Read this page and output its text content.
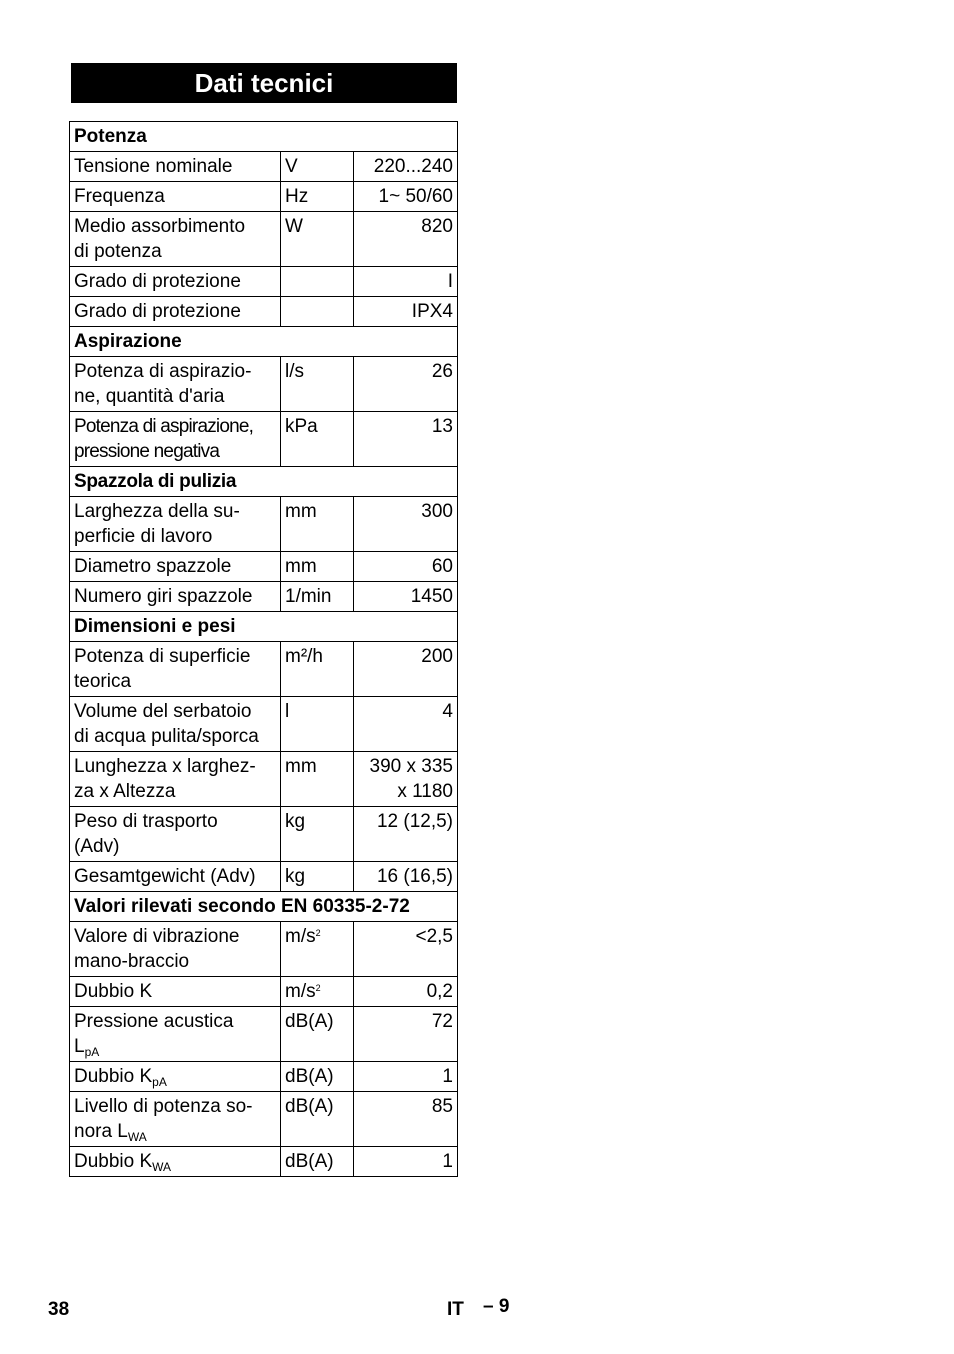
Dati tecnici
Potenza		
Tensione nominale	V	220...240
Frequenza	Hz	1~ 50/60
Medio assorbimento
di potenza	W	820
Grado di protezione		I
Grado di protezione		IPX4
Aspirazione		
Potenza di aspirazio-
ne, quantità d'aria	l/s	26
Potenza di aspirazione,
pressione negativa	kPa	13
Spazzola di pulizia		
Larghezza della su-
perficie di lavoro	mm	300
Diametro spazzole	mm	60
Numero giri spazzole	1/min	1450
Dimensioni e pesi		
Potenza di superficie
teorica	m²/h	200
Volume del serbatoio
di acqua pulita/sporca	l	4
Lunghezza x larghez-
za x Altezza	mm	390 x 335
x 1180
Peso di trasporto
(Adv)	kg	12 (12,5)
Gesamtgewicht (Adv)	kg	16 (16,5)
Valori rilevati secondo EN 60335-2-72		
Valore di vibrazione
mano-braccio	$m/s^2$	<2,5
Dubbio K	$m/s^2$	0,2
Pressione acustica
$L_{pA}$	dB(A)	72
Dubbio $K_{pA}$	dB(A)	1
Livello di potenza so-
nora $L_{WA}$	dB(A)	85
Dubbio $K_{WA}$	dB(A)	1
38	IT – 9
